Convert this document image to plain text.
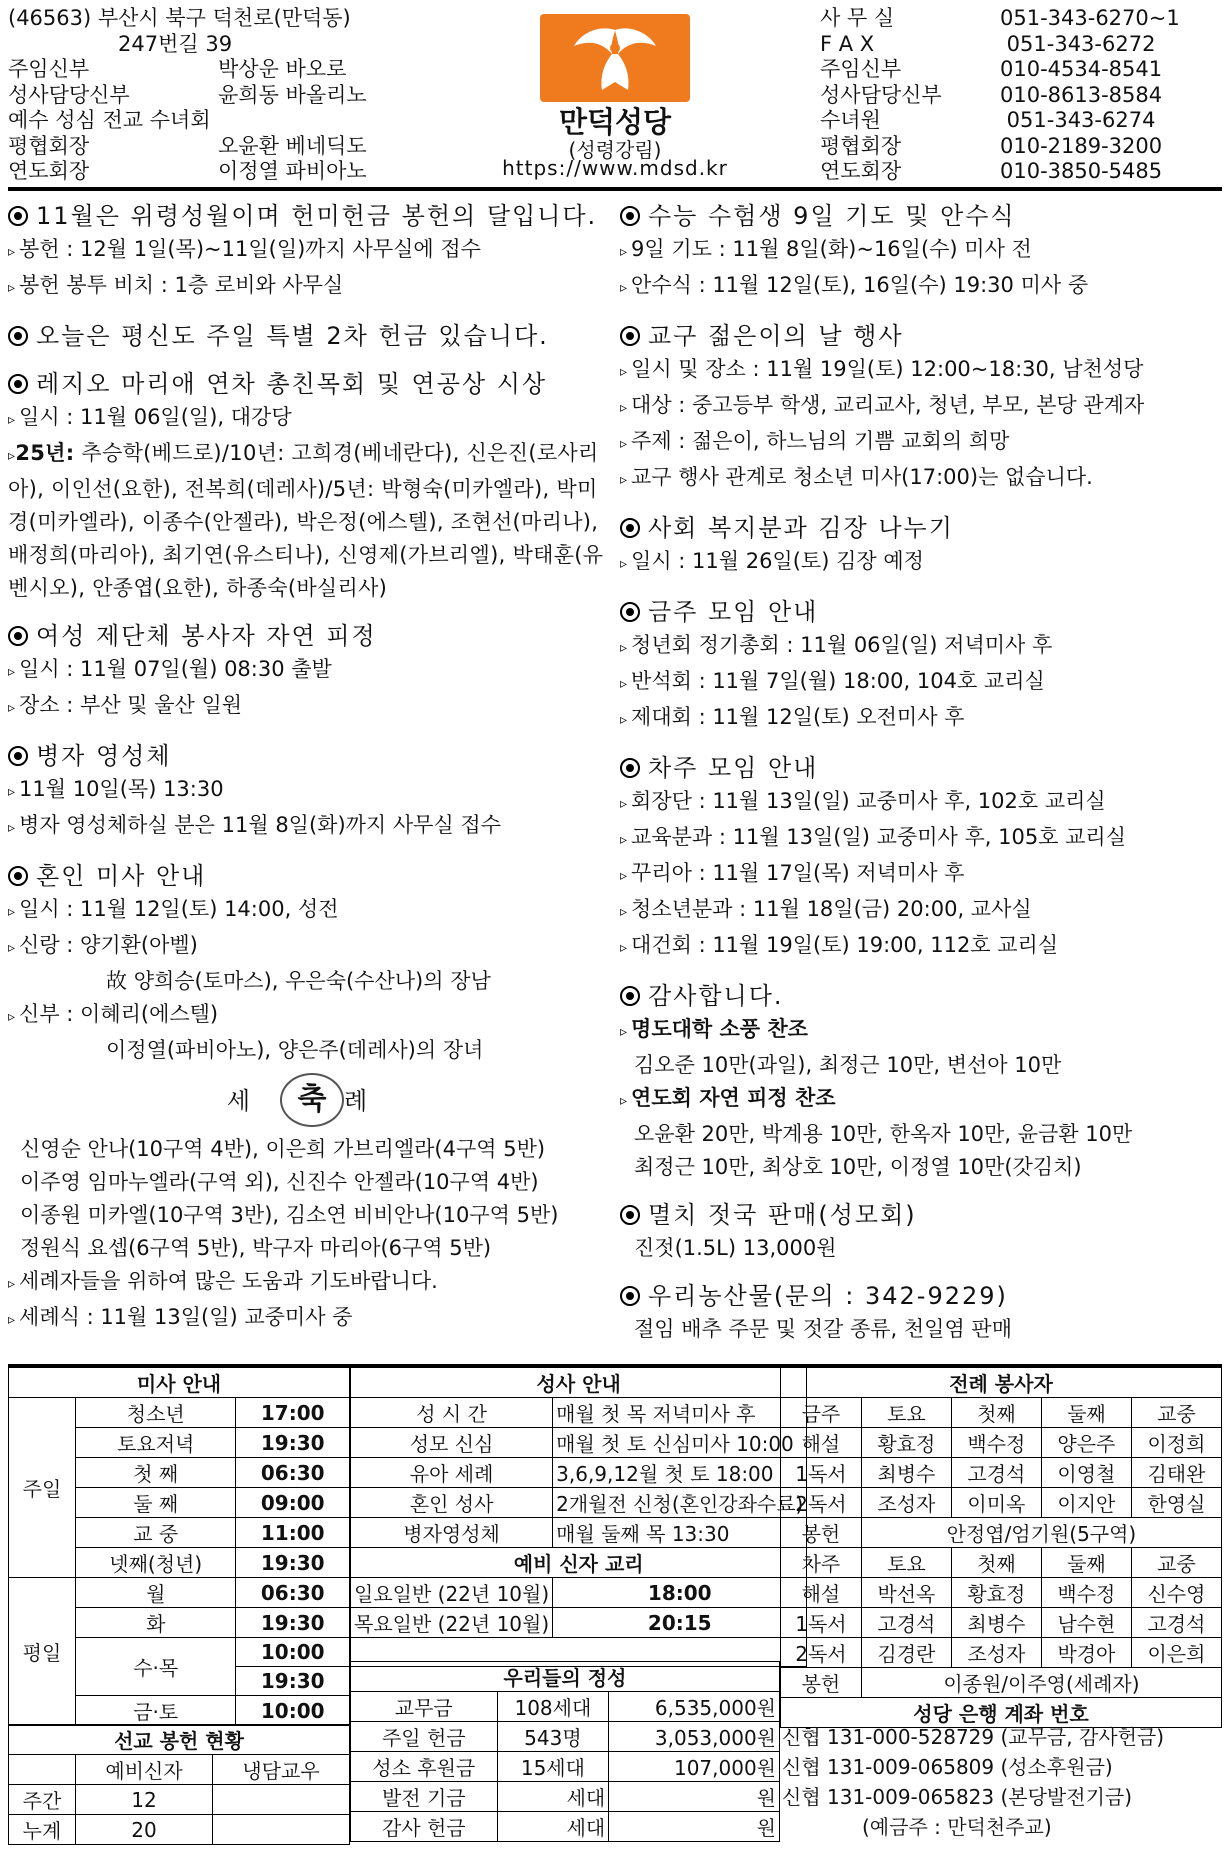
(46563) 부산시 북구 덕천로(만덕동)
247번길 39
주임신부	박상운 바오로
성사담당신부	윤희동 바올리노
예수 성심 전교 수녀회
평협회장	오윤환 베네딕도
연도회장	이정열 파비아노
만덕성당
(성령강림)
https://www.mdsd.kr
사 무 실	051-343-6270~1
F A X	051-343-6272
주임신부	010-4534-8541
성사담당신부	010-8613-8584
수녀원	051-343-6274
평협회장	010-2189-3200
연도회장	010-3850-5485
11월은 위령성월이며 헌미헌금 봉헌의 달입니다.
▹ 봉헌 : 12월 1일(목)~11일(일)까지 사무실에 접수
▹ 봉헌 봉투 비치 : 1층 로비와 사무실
오늘은 평신도 주일 특별 2차 헌금 있습니다.
레지오 마리애 연차 총친목회 및 연공상 시상
▹ 일시 : 11월 06일(일), 대강당
▹25년: 추승학(베드로)/10년: 고희경(베네란다), 신은진(로사리아), 이인선(요한), 전복희(데레사)/5년: 박형숙(미카엘라), 박미경(미카엘라), 이종수(안젤라), 박은정(에스텔), 조현선(마리나), 배정희(마리아), 최기연(유스티나), 신영제(가브리엘), 박태훈(유벤시오), 안종엽(요한), 하종숙(바실리사)
여성 제단체 봉사자 자연 피정
▹ 일시 : 11월 07일(월) 08:30 출발
▹ 장소 : 부산 및 울산 일원
병자 영성체
▹ 11월 10일(목) 13:30
▹ 병자 영성체하실 분은 11월 8일(화)까지 사무실 접수
혼인 미사 안내
▹ 일시 : 11월 12일(토) 14:00, 성전
▹ 신랑 : 양기환(아벨)
故 양희승(토마스), 우은숙(수산나)의 장남
▹ 신부 : 이혜리(에스텔)
이정열(파비아노), 양은주(데레사)의 장녀
세 축 례
신영순 안나(10구역 4반), 이은희 가브리엘라(4구역 5반)
이주영 임마누엘라(구역 외), 신진수 안젤라(10구역 4반)
이종원 미카엘(10구역 3반), 김소연 비비안나(10구역 5반)
정원식 요셉(6구역 5반), 박구자 마리아(6구역 5반)
▹ 세례자들을 위하여 많은 도움과 기도바랍니다.
▹ 세례식 : 11월 13일(일) 교중미사 중
수능 수험생 9일 기도 및 안수식
▹ 9일 기도 : 11월 8일(화)~16일(수) 미사 전
▹ 안수식 : 11월 12일(토), 16일(수) 19:30 미사 중
교구 젊은이의 날 행사
▹ 일시 및 장소 : 11월 19일(토) 12:00~18:30, 남천성당
▹ 대상 : 중고등부 학생, 교리교사, 청년, 부모, 본당 관계자
▹ 주제 : 젊은이, 하느님의 기쁨 교회의 희망
▹ 교구 행사 관계로 청소년 미사(17:00)는 없습니다.
사회 복지분과 김장 나누기
▹ 일시 : 11월 26일(토) 김장 예정
금주 모임 안내
▹ 청년회 정기총회 : 11월 06일(일) 저녁미사 후
▹ 반석회 : 11월 7일(월) 18:00, 104호 교리실
▹ 제대회 : 11월 12일(토) 오전미사 후
차주 모임 안내
▹ 회장단 : 11월 13일(일) 교중미사 후, 102호 교리실
▹ 교육분과 : 11월 13일(일) 교중미사 후, 105호 교리실
▹ 꾸리아 : 11월 17일(목) 저녁미사 후
▹ 청소년분과 : 11월 18일(금) 20:00, 교사실
▹ 대건회 : 11월 19일(토) 19:00, 112호 교리실
감사합니다.
▹ 명도대학 소풍 찬조
김오준 10만(과일), 최정근 10만, 변선아 10만
▹ 연도회 자연 피정 찬조
오윤환 20만, 박계용 10만, 한옥자 10만, 윤금환 10만
최정근 10만, 최상호 10만, 이정열 10만(갓김치)
멸치 젓국 판매(성모회)
진젓(1.5L) 13,000원
우리농산물(문의 : 342-9229)
절임 배추 주문 및 젓갈 종류, 천일염 판매
미사 안내		
주일	청소년	17:00
	토요저녁	19:30
	첫 째	06:30
	둘 째	09:00
	교 중	11:00
	넷째(청년)	19:30
평일	월	06:30
	화	19:30
	수·목	10:00
		19:30
	금·토	10:00
선교 봉헌 현황		
	예비신자	냉담교우
주간	12	
누계	20	
성사 안내	
성 시 간	매월 첫 목 저녁미사 후
성모 신심	매월 첫 토 신심미사 10:00
유아 세례	3,6,9,12월 첫 토 18:00
혼인 성사	2개월전 신청(혼인강좌수료)
병자영성체	매월 둘째 목 13:30
예비 신자 교리	
일요일반 (22년 10월)	18:00
목요일반 (22년 10월)	20:15

우리들의 정성		
교무금	108세대	6,535,000원
주일 헌금	543명	3,053,000원
성소 후원금	15세대	107,000원
발전 기금	세대	원
감사 헌금	세대	원
전례 봉사자				
금주	토요	첫째	둘째	교중
해설	황효정	백수정	양은주	이정희
1독서	최병수	고경석	이영철	김태완
2독서	조성자	이미옥	이지안	한영실
봉헌	안정엽/엄기원(5구역)			
차주	토요	첫째	둘째	교중
해설	박선옥	황효정	백수정	신수영
1독서	고경석	최병수	남수현	고경석
2독서	김경란	조성자	박경아	이은희
봉헌	이종원/이주영(세례자)			
성당 은행 계좌 번호				
신협 131-000-528729 (교무금, 감사헌금)
신협 131-009-065809 (성소후원금)
신협 131-009-065823 (본당발전기금)
(예금주 : 만덕천주교)
